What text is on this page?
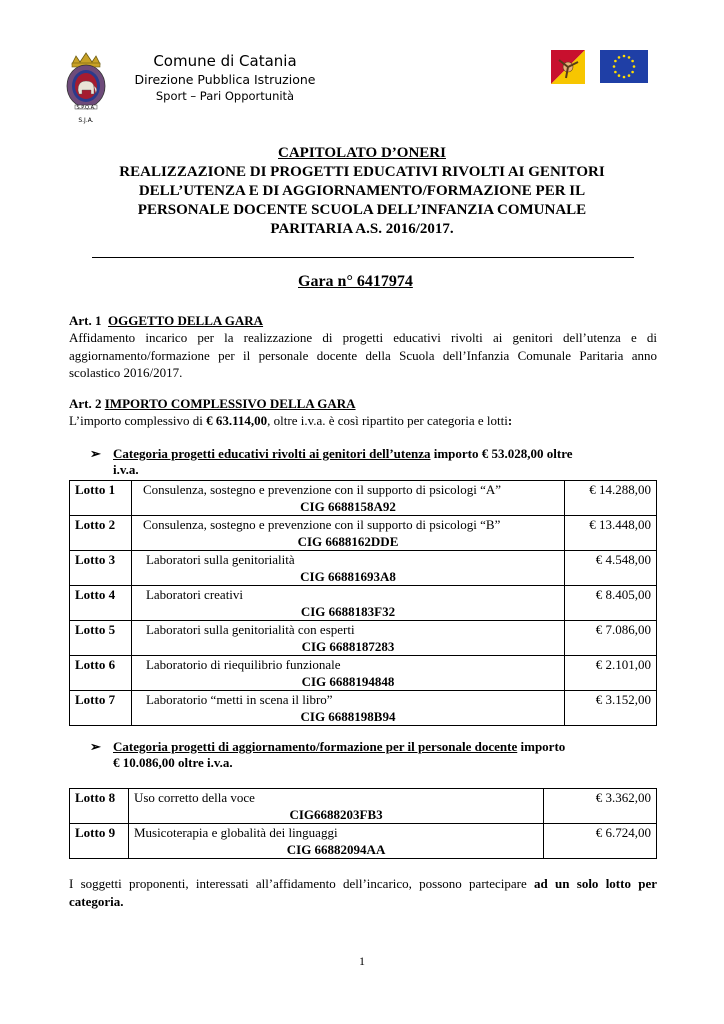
S.P.Q.A.
S.J.A.
Comune di Catania
Direzione Pubblica Istruzione
Sport – Pari Opportunità
CAPITOLATO D’ONERI
REALIZZAZIONE DI PROGETTI EDUCATIVI RIVOLTI AI GENITORI
DELL’UTENZA E DI AGGIORNAMENTO/FORMAZIONE PER IL
PERSONALE DOCENTE SCUOLA DELL’INFANZIA COMUNALE
PARITARIA A.S. 2016/2017.
Gara n° 6417974
Art. 1 OGGETTO DELLA GARA
Affidamento incarico per la realizzazione di progetti educativi rivolti ai genitori dell’utenza e di aggiornamento/formazione per il personale docente della Scuola dell’Infanzia Comunale Paritaria anno scolastico 2016/2017.
Art. 2 IMPORTO COMPLESSIVO DELLA GARA
L’importo complessivo di € 63.114,00, oltre i.v.a. è così ripartito per categoria e lotti:
➢ Categoria progetti educativi rivolti ai genitori dell’utenza importo € 53.028,00 oltre
i.v.a.
Lotto 1	Consulenza, sostegno e prevenzione con il supporto di psicologi “A”
CIG 6688158A92	€ 14.288,00
Lotto 2	Consulenza, sostegno e prevenzione con il supporto di psicologi “B”
CIG 6688162DDE	€ 13.448,00
Lotto 3	Laboratori sulla genitorialità
CIG 66881693A8	€ 4.548,00
Lotto 4	Laboratori creativi
CIG 6688183F32	€ 8.405,00
Lotto 5	Laboratori sulla genitorialità con esperti
CIG 6688187283	€ 7.086,00
Lotto 6	Laboratorio di riequilibrio funzionale
CIG 6688194848	€ 2.101,00
Lotto 7	Laboratorio “metti in scena il libro”
CIG 6688198B94	€ 3.152,00
➢ Categoria progetti di aggiornamento/formazione per il personale docente importo
€ 10.086,00 oltre i.v.a.
Lotto 8	Uso corretto della voce
CIG6688203FB3	€ 3.362,00
Lotto 9	Musicoterapia e globalità dei linguaggi
CIG 66882094AA	€ 6.724,00
I soggetti proponenti, interessati all’affidamento dell’incarico, possono partecipare ad un solo lotto per categoria.
1
